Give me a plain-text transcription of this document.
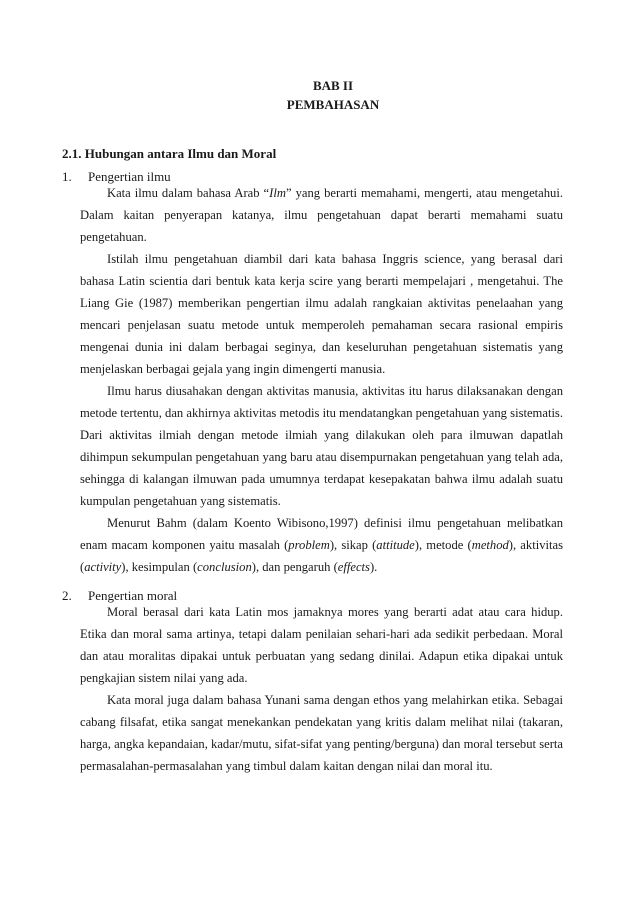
BAB II
PEMBAHASAN
2.1. Hubungan antara Ilmu dan Moral
1. Pengertian ilmu

Kata ilmu dalam bahasa Arab “Ilm” yang berarti memahami, mengerti, atau mengetahui. Dalam kaitan penyerapan katanya, ilmu pengetahuan dapat berarti memahami suatu pengetahuan.

Istilah ilmu pengetahuan diambil dari kata bahasa Inggris science, yang berasal dari bahasa Latin scientia dari bentuk kata kerja scire yang berarti mempelajari , mengetahui. The Liang Gie (1987) memberikan pengertian ilmu adalah rangkaian aktivitas penelaahan yang mencari penjelasan suatu metode untuk memperoleh pemahaman secara rasional empiris mengenai dunia ini dalam berbagai seginya, dan keseluruhan pengetahuan sistematis yang menjelaskan berbagai gejala yang ingin dimengerti manusia.

Ilmu harus diusahakan dengan aktivitas manusia, aktivitas itu harus dilaksanakan dengan metode tertentu, dan akhirnya aktivitas metodis itu mendatangkan pengetahuan yang sistematis. Dari aktivitas ilmiah dengan metode ilmiah yang dilakukan oleh para ilmuwan dapatlah dihimpun sekumpulan pengetahuan yang baru atau disempurnakan pengetahuan yang telah ada, sehingga di kalangan ilmuwan pada umumnya terdapat kesepakatan bahwa ilmu adalah suatu kumpulan pengetahuan yang sistematis.

Menurut Bahm (dalam Koento Wibisono,1997) definisi ilmu pengetahuan melibatkan enam macam komponen yaitu masalah (problem), sikap (attitude), metode (method), aktivitas (activity), kesimpulan (conclusion), dan pengaruh (effects).

2. Pengertian moral

Moral berasal dari kata Latin mos jamaknya mores yang berarti adat atau cara hidup. Etika dan moral sama artinya, tetapi dalam penilaian sehari-hari ada sedikit perbedaan. Moral dan atau moralitas dipakai untuk perbuatan yang sedang dinilai. Adapun etika dipakai untuk pengkajian sistem nilai yang ada.

Kata moral juga dalam bahasa Yunani sama dengan ethos yang melahirkan etika. Sebagai cabang filsafat, etika sangat menekankan pendekatan yang kritis dalam melihat nilai (takaran, harga, angka kepandaian, kadar/mutu, sifat-sifat yang penting/berguna) dan moral tersebut serta permasalahan-permasalahan yang timbul dalam kaitan dengan nilai dan moral itu.
